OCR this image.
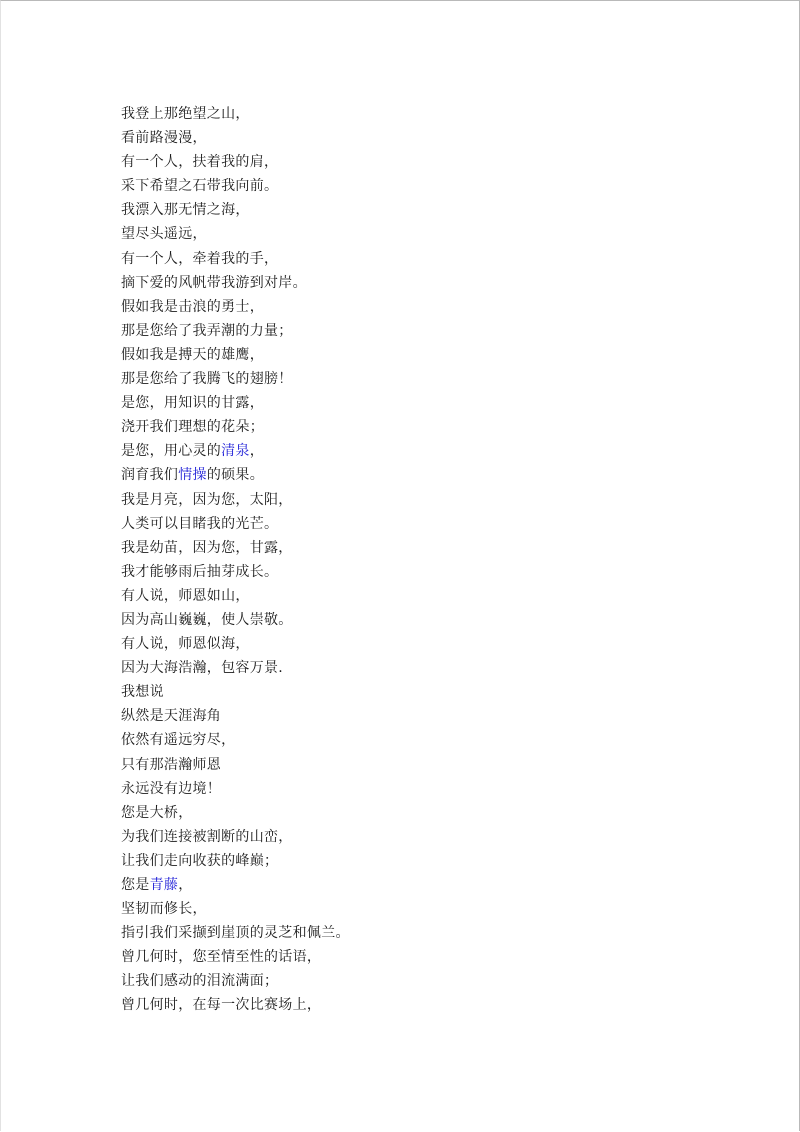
我登上那绝望之山，
看前路漫漫，
有一个人，扶着我的肩，
采下希望之石带我向前。
我漂入那无情之海，
望尽头遥远，
有一个人，牵着我的手，
摘下爱的风帆带我游到对岸。
假如我是击浪的勇士，
那是您给了我弄潮的力量；
假如我是搏天的雄鹰，
那是您给了我腾飞的翅膀！
是您，用知识的甘露，
浇开我们理想的花朵；
是您，用心灵的清泉，
润育我们情操的硕果。
我是月亮，因为您，太阳，
人类可以目睹我的光芒。
我是幼苗，因为您，甘露，
我才能够雨后抽芽成长。
有人说，师恩如山，
因为高山巍巍，使人崇敬。
有人说，师恩似海，
因为大海浩瀚，包容万景.
我想说
纵然是天涯海角
依然有遥远穷尽，
只有那浩瀚师恩
永远没有边境！
您是大桥，
为我们连接被割断的山峦，
让我们走向收获的峰巅；
您是青藤，
坚韧而修长，
指引我们采撷到崖顶的灵芝和佩兰。
曾几何时，您至情至性的话语，
让我们感动的泪流满面；
曾几何时，在每一次比赛场上，
